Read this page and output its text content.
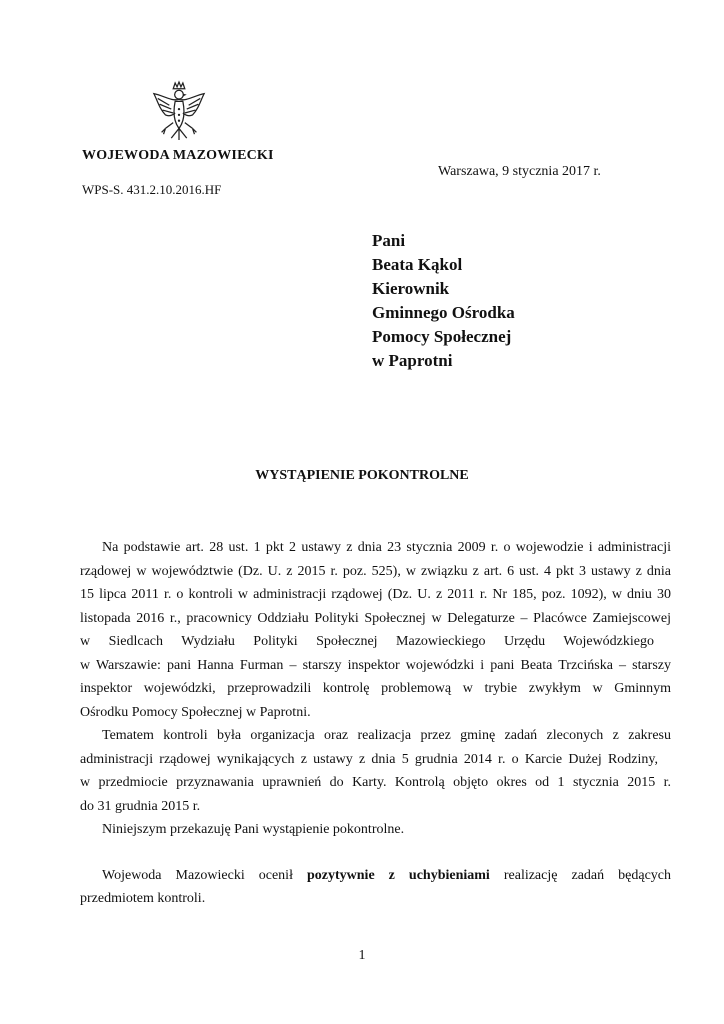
WOJEWODA MAZOWIECKI
WPS-S. 431.2.10.2016.HF
Warszawa, 9 stycznia 2017 r.
Pani
Beata Kąkol
Kierownik
Gminnego Ośrodka
Pomocy Społecznej
w Paprotni
WYSTĄPIENIE POKONTROLNE
Na podstawie art. 28 ust. 1 pkt 2 ustawy z dnia 23 stycznia 2009 r. o wojewodzie i administracji
rządowej w województwie (Dz. U. z 2015 r. poz. 525), w związku z art. 6 ust. 4 pkt 3 ustawy z dnia
15 lipca 2011 r. o kontroli w administracji rządowej (Dz. U. z 2011 r. Nr 185, poz. 1092), w dniu 30
listopada 2016 r., pracownicy Oddziału Polityki Społecznej w Delegaturze – Placówce Zamiejscowej
w Siedlcach Wydziału Polityki Społecznej Mazowieckiego Urzędu Wojewódzkiego
w Warszawie: pani Hanna Furman – starszy inspektor wojewódzki i pani Beata Trzcińska – starszy
inspektor wojewódzki, przeprowadzili kontrolę problemową w trybie zwykłym w Gminnym
Ośrodku Pomocy Społecznej w Paprotni.
Tematem kontroli była organizacja oraz realizacja przez gminę zadań zleconych z zakresu
administracji rządowej wynikających z ustawy z dnia 5 grudnia 2014 r. o Karcie Dużej Rodziny,
w przedmiocie przyznawania uprawnień do Karty. Kontrolą objęto okres od 1 stycznia 2015 r.
do 31 grudnia 2015 r.
Niniejszym przekazuję Pani wystąpienie pokontrolne.
Wojewoda Mazowiecki ocenił pozytywnie z uchybieniami realizację zadań będących
przedmiotem kontroli.
1
